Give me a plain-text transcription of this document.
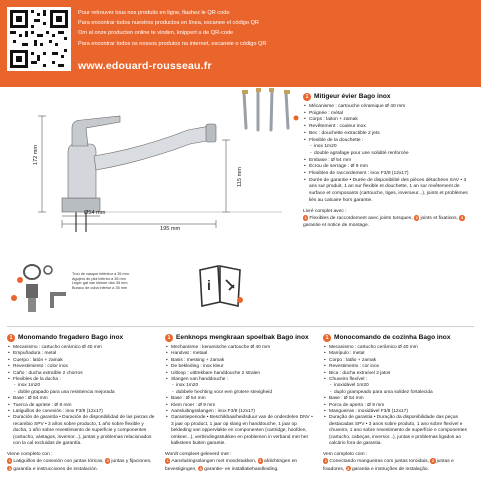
Pour retrouver tous nos produits en ligne, flashez le QR code
Para encontrar todos nuestros productos en línea, escanee el código QR
Om al onze producten online te vinden, knippert u de QR-code
Para encontrar todos os nossos produtos na internet, escaneie o código QR
www.edouard-rousseau.fr
172 mm
115 mm
195 mm
Ø54 mm
Trou de vasque inférieur à 35 mm.
Agujero de pila inferior a 35 mm
Leger gat van kleiner dan 35 mm
Buraco de cuba inferior a 35 mm	i
1 Mitigeur évier Bago inox
• Mécanisme : cartouche céramique Ø 40 mm
• Poignée : métal
• Corps : laiton + zamak
• Revêtement : couleur inox
• Bec : douchette extractible 2 jets
• Flexible de la douchette :
- inox 1m20
- double agrafage pour une solidité renforcée
• Embase : Ø 54 mm
• Écrou de serrage : Ø 9 mm
• Flexibles de raccordement : inox F3/8 (12x17)
• Durée de garantie • Durée de disponibilité des pièces détachées SAV • 3 ans sur produit, 1 an sur flexible et douchette, 1 an sur revêtement de surface et composants (cartouche, tiges, inverseur...), joints et problèmes liés au calcaire hors garantie.
Livré complet avec :
1 Flexibles de raccordement avec joints torsques, 2 joints et fixations, 3garantie et notice de montage.
1 Monomando fregadero Bago inox
• Mecanismo : cartucho cerámico Ø 40 mm
• Empuñadura : metal
• Cuerpo : latón + zamak
• Revestimiento : color inox
• Caño : ducha extraíble 2 chorros
• Flexibles de la ducha :
- inox 1m20
- doble grapado para una resistencia mejorada
• Base : Ø 54 mm
• Tuerca de apriete : Ø 9 mm
• Latiguillos de conexión : inox F3/8 (12x17)
• Duración de garantía • Duración de disponibilidad de las piezas de recambio SPV • 3 años sobre producto, 1 año sobre flexible y ducha, 1 año sobre revestimiento de superficie y componentes (cartucho, vástagos, inversor...), juntas y problemas relacionados con la cal excluidas de garantía.
Viene completo con :
1 Latiguillos de conexión con juntas tóricas, 2 juntas y fijaciones, 3 garantía e instrucciones de instalación.
1 Eenknops mengkraan spoelbak Bago inox
• Mechanisme : keramische cartouche Ø 40 mm
• Handvat : metaal
• Basis : messing + zamak
• De bekleding : inox kleur
• Uitloop : uittrekbare handdouche 2 stralen
• Slangen van handdouche :
- inox 1m20
- dubbele hechting voor een grotere stevigheid
• Base : Ø 54 mm
• Klem moer : Ø 9 mm
• Aansluitingsslangen : inox F3/8 (12x17)
• Garantieperiode • Beschikbaarheidsduur van de onderdelen DNV • 3 jaar op product, 1 jaar op slang en handdouche, 1 jaar op bekleding van oppervlakte en componenten (cartridge, hoofden, omkeer...), verbindingsstukken en problemen in verband met het kalksteen buiten garantie.
Wordt compleet geleverd met :
1 Aansluitingsslangen met mondstukken, 2 afdichtingen en bevestigingen, 3 garantie- en installatiehandleiding.
1 Monocomando de cozinha Bago inox
• Mecanismo : cartucho cerâmico Ø 40 mm
• Manípulo : metal
• Corpo : latão + zamak
• Revestimento : cor inox
• Bica : ducha extraível 2 jatos
• Chuveiro flexível :
- inoxidável 1m20
- duplo grampeado para uma solidez fortalecida
• Base : Ø 54 mm
• Porca de aperto : Ø 9 mm
• Mangueiras : inoxidável F3/8 (12x17)
• Duração de garantia • Duração da disponibilidade das peças destacadas SPV • 3 anos sobre produto, 1 ano sobre flexível e chuveiro, 1 ano sobre revestimento de superfície e componentes (cartucho, cabeças, inversor...), juntas e problemas ligados ao calcário fora de garantia.
Vem completo com :
1 Conectando mangueiras com juntas toroidais, 2 juntas e fixadores, 3 garantia e instruções de instalação.
